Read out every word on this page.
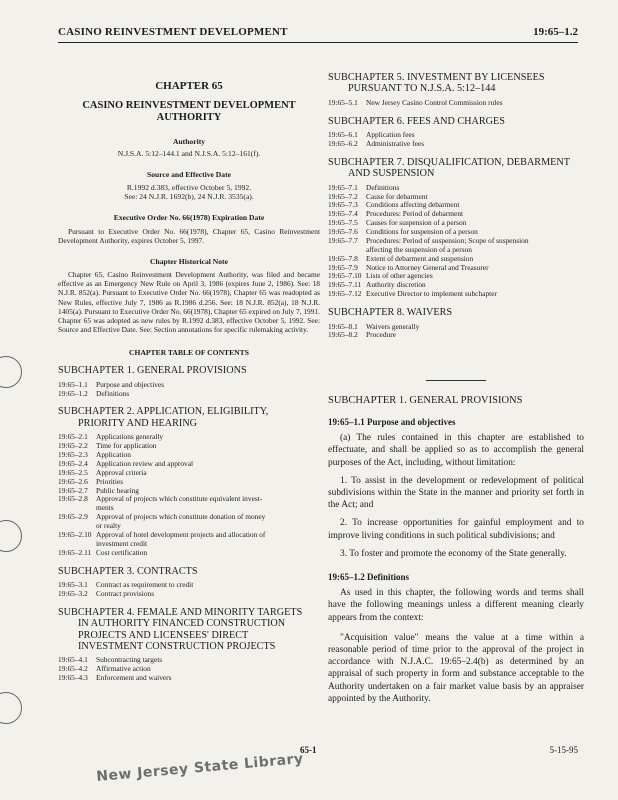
CASINO REINVESTMENT DEVELOPMENT	19:65–1.2
CHAPTER 65
CASINO REINVESTMENT DEVELOPMENT
AUTHORITY
Authority
N.J.S.A. 5:12–144.1 and N.J.S.A. 5:12–161(f).
Source and Effective Date
R.1992 d.383, effective October 5, 1992.
See: 24 N.J.R. 1692(b), 24 N.J.R. 3535(a).
Executive Order No. 66(1978) Expiration Date
Pursuant to Executive Order No. 66(1978), Chapter 65, Casino Reinvestment Development Authority, expires October 5, 1997.
Chapter Historical Note
Chapter 65, Casino Reinvestment Development Authority, was filed and became effective as an Emergency New Rule on April 3, 1986 (expires June 2, 1986). See: 18 N.J.R. 852(a). Pursuant to Executive Order No. 66(1978), Chapter 65 was readopted as New Rules, effective July 7, 1986 as R.1986 d.256. See: 18 N.J.R. 852(a), 18 N.J.R. 1405(a). Pursuant to Executive Order No. 66(1978), Chapter 65 expired on July 7, 1991. Chapter 65 was adopted as new rules by R.1992 d.383, effective October 5, 1992. See: Source and Effective Date. See: Section annotations for specific rulemaking activity.
CHAPTER TABLE OF CONTENTS
SUBCHAPTER 1. GENERAL PROVISIONS
19:65–1.1	Purpose and objectives
19:65–1.2	Definitions
SUBCHAPTER 2. APPLICATION, ELIGIBILITY,
PRIORITY AND HEARING
19:65–2.1	Applications generally
19:65–2.2	Time for application
19:65–2.3	Application
19:65–2.4	Application review and approval
19:65–2.5	Approval criteria
19:65–2.6	Priorities
19:65–2.7	Public hearing
19:65–2.8	Approval of projects which constitute equivalent invest-
ments
19:65–2.9	Approval of projects which constitute donation of money
or realty
19:65–2.10 Approval of hotel development projects and allocation of
investment credit
19:65–2.11 Cost certification
SUBCHAPTER 3. CONTRACTS
19:65–3.1	Contract as requirement to credit
19:65–3.2	Contract provisions
SUBCHAPTER 4. FEMALE AND MINORITY TARGETS
IN AUTHORITY FINANCED CONSTRUCTION
PROJECTS AND LICENSEES' DIRECT
INVESTMENT CONSTRUCTION PROJECTS
19:65–4.1	Subcontracting targets
19:65–4.2	Affirmative action
19:65–4.3	Enforcement and waivers
SUBCHAPTER 5. INVESTMENT BY LICENSEES
PURSUANT TO N.J.S.A. 5:12–144
19:65–5.1	New Jersey Casino Control Commission rules
SUBCHAPTER 6. FEES AND CHARGES
19:65–6.1	Application fees
19:65–6.2	Administrative fees
SUBCHAPTER 7. DISQUALIFICATION, DEBARMENT
AND SUSPENSION
19:65–7.1	Definitions
19:65–7.2	Cause for debarment
19:65–7.3	Conditions affecting debarment
19:65–7.4	Procedures: Period of debarment
19:65–7.5	Causes for suspension of a person
19:65–7.6	Conditions for suspension of a person
19:65–7.7	Procedures: Period of suspension; Scope of suspension
affecting the suspension of a person
19:65–7.8	Extent of debarment and suspension
19:65–7.9	Notice to Attorney General and Treasurer
19:65–7.10 Lists of other agencies
19:65–7.11 Authority discretion
19:65–7.12 Executive Director to implement subchapter
SUBCHAPTER 8. WAIVERS
19:65–8.1	Waivers generally
19:65–8.2	Procedure
SUBCHAPTER 1. GENERAL PROVISIONS
19:65–1.1 Purpose and objectives
(a) The rules contained in this chapter are established to effectuate, and shall be applied so as to accomplish the general purposes of the Act, including, without limitation:
1. To assist in the development or redevelopment of political subdivisions within the State in the manner and priority set forth in the Act; and
2. To increase opportunities for gainful employment and to improve living conditions in such political subdivisions; and
3. To foster and promote the economy of the State generally.
19:65–1.2 Definitions
As used in this chapter, the following words and terms shall have the following meanings unless a different meaning clearly appears from the context:
"Acquisition value" means the value at a time within a reasonable period of time prior to the approval of the project in accordance with N.J.A.C. 19:65–2.4(b) as determined by an appraisal of such property in form and substance acceptable to the Authority undertaken on a fair market value basis by an appraiser appointed by the Authority.
65-1	5-15-95
New Jersey State Library
